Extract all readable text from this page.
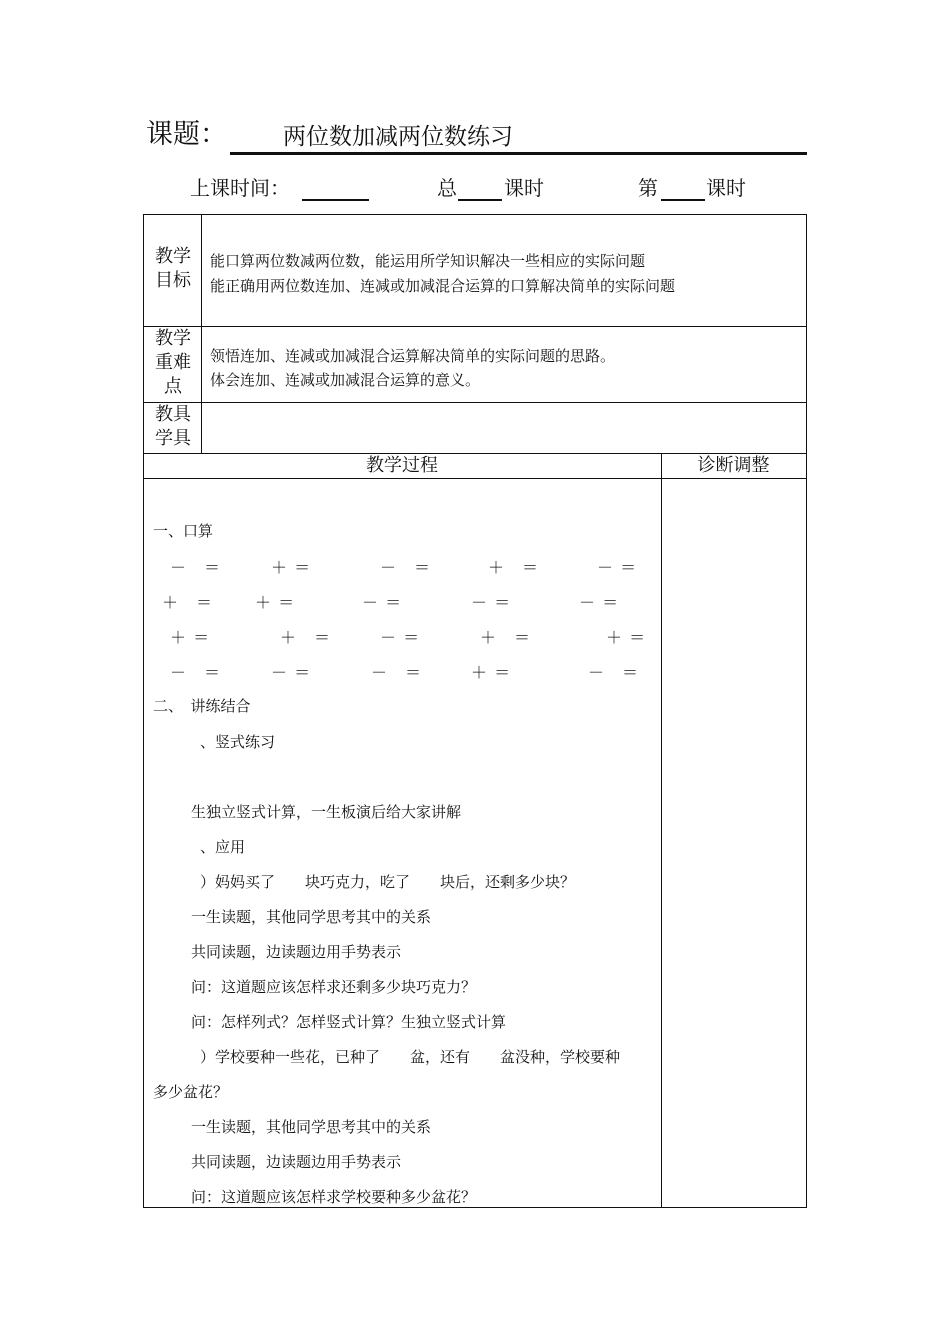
课题： 两位数加减两位数练习
上课时间：	总 课时	第 课时
教学
目标
能口算两位数减两位数，能运用所学知识解决一些相应的实际问题
能正确用两位数连加、连减或加减混合运算的口算解决简单的实际问题
教学
重难
点
领悟连加、连减或加减混合运算解决简单的实际问题的思路。
体会连加、连减或加减混合运算的意义。
教具
学具
教学过程	诊断调整
一、口算
－　＝	＋ ＝	－　＝	＋　＝	－ ＝
＋　＝	＋ ＝	－ ＝	－ ＝	－ ＝
＋ ＝	＋　＝	－ ＝	＋　＝	＋ ＝
－　＝	－ ＝	－　＝	＋ ＝	－　＝
二、　讲练结合
、竖式练习
生独立竖式计算，一生板演后给大家讲解
、应用
）妈妈买了　　块巧克力，吃了　　块后，还剩多少块？
一生读题，其他同学思考其中的关系
共同读题，边读题边用手势表示
问：这道题应该怎样求还剩多少块巧克力？
问：怎样列式？怎样竖式计算？生独立竖式计算
）学校要种一些花，已种了　　盆，还有　　盆没种，学校要种
多少盆花？
一生读题，其他同学思考其中的关系
共同读题，边读题边用手势表示
问：这道题应该怎样求学校要种多少盆花？
